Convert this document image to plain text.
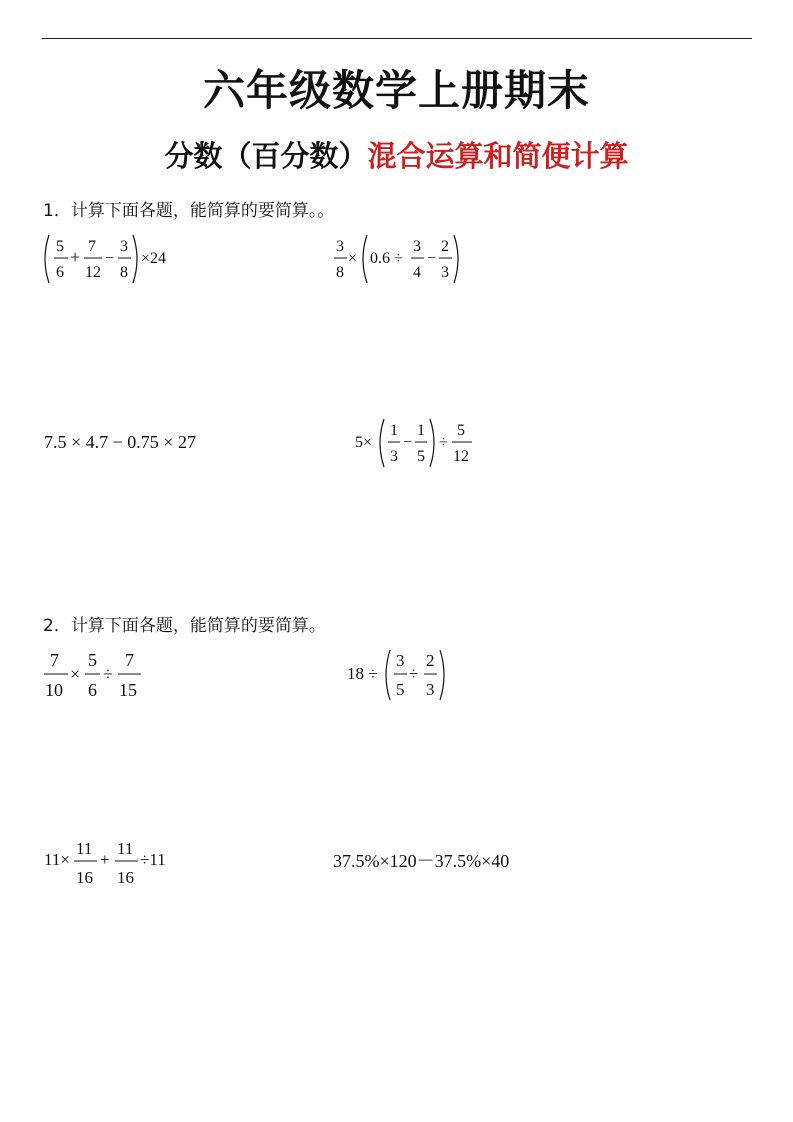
六年级数学上册期末
分数（百分数）混合运算和简便计算
1．计算下面各题，能简算的要简算。。
5
6
+
7
12
−
3
8
×24
3
8
× 0.6 ÷
3
4
−
2
3
7.5 × 4.7 − 0.75 × 27	5×
1
3
−
1
5
÷
5
12
2．计算下面各题，能简算的要简算。
7
10
×
5
6
÷
7
15
18 ÷
3
5
÷
2
3
11×
11
16
+
11
16
÷11	37.5%×120－37.5%×40
